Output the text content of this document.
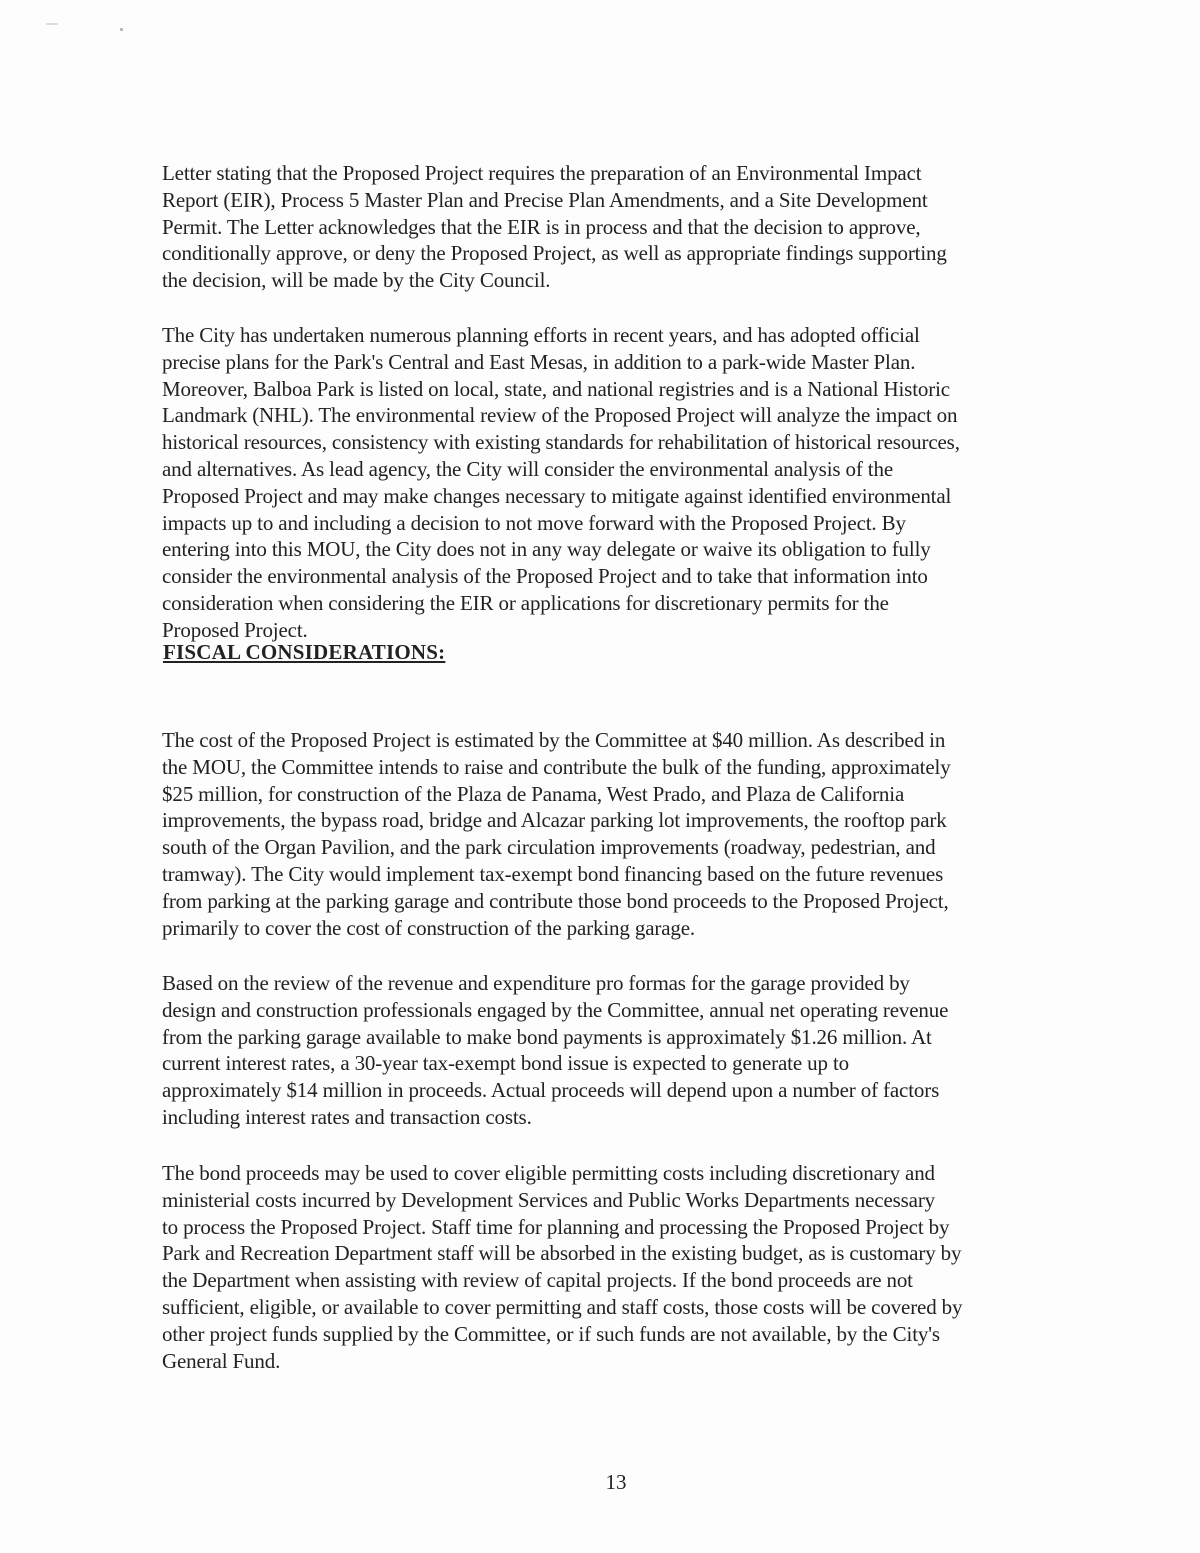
Letter stating that the Proposed Project requires the preparation of an Environmental Impact
Report (EIR), Process 5 Master Plan and Precise Plan Amendments, and a Site Development
Permit. The Letter acknowledges that the EIR is in process and that the decision to approve,
conditionally approve, or deny the Proposed Project, as well as appropriate findings supporting
the decision, will be made by the City Council.
The City has undertaken numerous planning efforts in recent years, and has adopted official
precise plans for the Park's Central and East Mesas, in addition to a park-wide Master Plan.
Moreover, Balboa Park is listed on local, state, and national registries and is a National Historic
Landmark (NHL). The environmental review of the Proposed Project will analyze the impact on
historical resources, consistency with existing standards for rehabilitation of historical resources,
and alternatives. As lead agency, the City will consider the environmental analysis of the
Proposed Project and may make changes necessary to mitigate against identified environmental
impacts up to and including a decision to not move forward with the Proposed Project. By
entering into this MOU, the City does not in any way delegate or waive its obligation to fully
consider the environmental analysis of the Proposed Project and to take that information into
consideration when considering the EIR or applications for discretionary permits for the
Proposed Project.
FISCAL CONSIDERATIONS:
The cost of the Proposed Project is estimated by the Committee at $40 million. As described in
the MOU, the Committee intends to raise and contribute the bulk of the funding, approximately
$25 million, for construction of the Plaza de Panama, West Prado, and Plaza de California
improvements, the bypass road, bridge and Alcazar parking lot improvements, the rooftop park
south of the Organ Pavilion, and the park circulation improvements (roadway, pedestrian, and
tramway). The City would implement tax-exempt bond financing based on the future revenues
from parking at the parking garage and contribute those bond proceeds to the Proposed Project,
primarily to cover the cost of construction of the parking garage.
Based on the review of the revenue and expenditure pro formas for the garage provided by
design and construction professionals engaged by the Committee, annual net operating revenue
from the parking garage available to make bond payments is approximately $1.26 million. At
current interest rates, a 30-year tax-exempt bond issue is expected to generate up to
approximately $14 million in proceeds. Actual proceeds will depend upon a number of factors
including interest rates and transaction costs.
The bond proceeds may be used to cover eligible permitting costs including discretionary and
ministerial costs incurred by Development Services and Public Works Departments necessary
to process the Proposed Project. Staff time for planning and processing the Proposed Project by
Park and Recreation Department staff will be absorbed in the existing budget, as is customary by
the Department when assisting with review of capital projects. If the bond proceeds are not
sufficient, eligible, or available to cover permitting and staff costs, those costs will be covered by
other project funds supplied by the Committee, or if such funds are not available, by the City's
General Fund.
13
